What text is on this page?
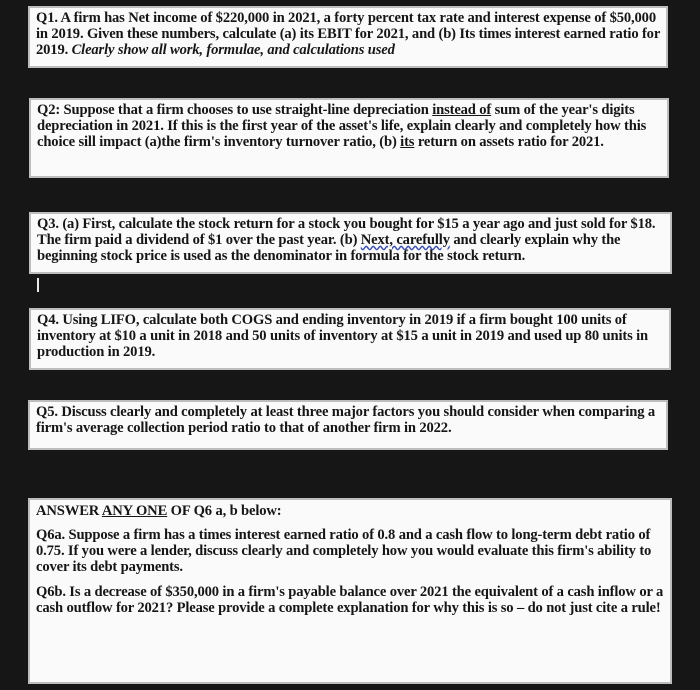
Q1. A firm has Net income of $220,000 in 2021, a forty percent tax rate and interest expense of $50,000 in 2019. Given these numbers, calculate (a) its EBIT for 2021, and (b) Its times interest earned ratio for 2019. Clearly show all work, formulae, and calculations used

Q2: Suppose that a firm chooses to use straight-line depreciation instead of sum of the year's digits depreciation in 2021. If this is the first year of the asset's life, explain clearly and completely how this choice sill impact (a)the firm's inventory turnover ratio, (b) its return on assets ratio for 2021.

Q3. (a) First, calculate the stock return for a stock you bought for $15 a year ago and just sold for $18. The firm paid a dividend of $1 over the past year. (b) Next, carefully and clearly explain why the beginning stock price is used as the denominator in formula for the stock return.

Q4. Using LIFO, calculate both COGS and ending inventory in 2019 if a firm bought 100 units of inventory at $10 a unit in 2018 and 50 units of inventory at $15 a unit in 2019 and used up 80 units in production in 2019.

Q5. Discuss clearly and completely at least three major factors you should consider when comparing a firm's average collection period ratio to that of another firm in 2022.

ANSWER ANY ONE OF Q6 a, b below:

Q6a. Suppose a firm has a times interest earned ratio of 0.8 and a cash flow to long-term debt ratio of 0.75. If you were a lender, discuss clearly and completely how you would evaluate this firm's ability to cover its debt payments.

Q6b. Is a decrease of $350,000 in a firm's payable balance over 2021 the equivalent of a cash inflow or a cash outflow for 2021? Please provide a complete explanation for why this is so – do not just cite a rule!
